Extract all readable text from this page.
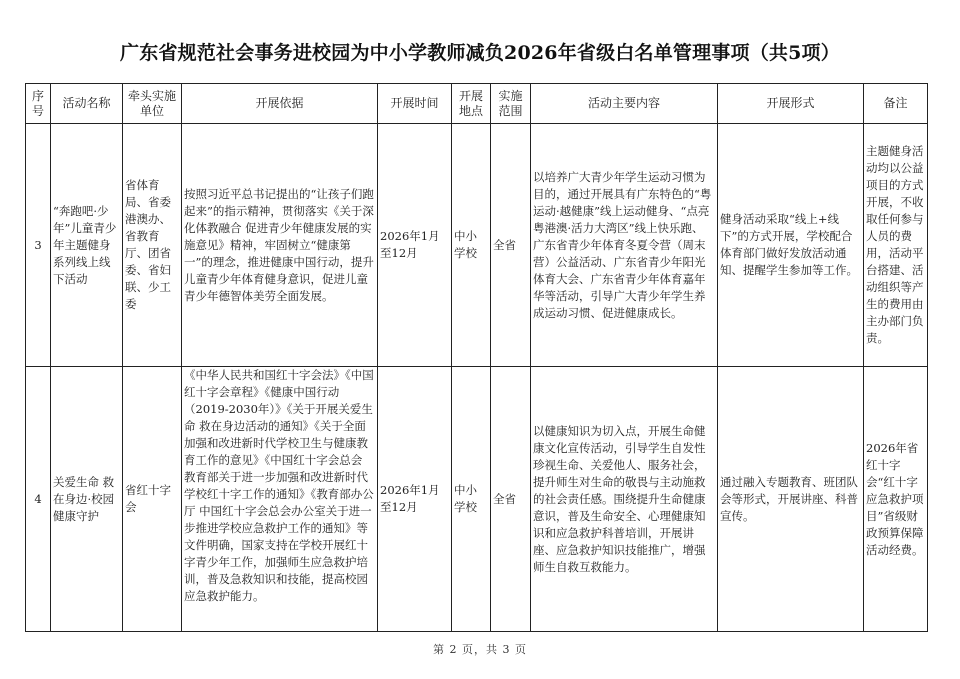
广东省规范社会事务进校园为中小学教师减负2026年省级白名单管理事项（共5项）
序号	活动名称	牵头实施单位	开展依据	开展时间	开展地点	实施范围	活动主要内容	开展形式	备注
3	“奔跑吧·少年”儿童青少年主题健身系列线上线下活动	省体育局、省委港澳办、省教育厅、团省委、省妇联、少工委	按照习近平总书记提出的“让孩子们跑起来”的指示精神，贯彻落实《关于深化体教融合 促进青少年健康发展的实施意见》精神，牢固树立“健康第一”的理念，推进健康中国行动，提升儿童青少年体育健身意识，促进儿童青少年德智体美劳全面发展。	2026年1月至12月	中小学校	全省	以培养广大青少年学生运动习惯为目的，通过开展具有广东特色的“粤运动·越健康”线上运动健身、“点亮粤港澳·活力大湾区”线上快乐跑、广东省青少年体育冬夏令营（周末营）公益活动、广东省青少年阳光体育大会、广东省青少年体育嘉年华等活动，引导广大青少年学生养成运动习惯、促进健康成长。	健身活动采取“线上+线下”的方式开展，学校配合体育部门做好发放活动通知、提醒学生参加等工作。	主题健身活动均以公益项目的方式开展，不收取任何参与人员的费用，活动平台搭建、活动组织等产生的费用由主办部门负责。
4	关爱生命 救在身边·校园健康守护	省红十字会	《中华人民共和国红十字会法》《中国红十字会章程》《健康中国行动（2019-2030年）》《关于开展关爱生命 救在身边活动的通知》《关于全面加强和改进新时代学校卫生与健康教育工作的意见》《中国红十字会总会 教育部关于进一步加强和改进新时代学校红十字工作的通知》《教育部办公厅 中国红十字会总会办公室关于进一步推进学校应急救护工作的通知》等文件明确，国家支持在学校开展红十字青少年工作，加强师生应急救护培训，普及急救知识和技能，提高校园应急救护能力。	2026年1月至12月	中小学校	全省	以健康知识为切入点，开展生命健康文化宣传活动，引导学生自发性珍视生命、关爱他人、服务社会，提升师生对生命的敬畏与主动施救的社会责任感。围绕提升生命健康意识，普及生命安全、心理健康知识和应急救护科普培训，开展讲座、应急救护知识技能推广，增强师生自救互救能力。	通过融入专题教育、班团队会等形式，开展讲座、科普宣传。	2026年省红十字会“红十字应急救护项目”省级财政预算保障活动经费。
第 2 页，共 3 页
